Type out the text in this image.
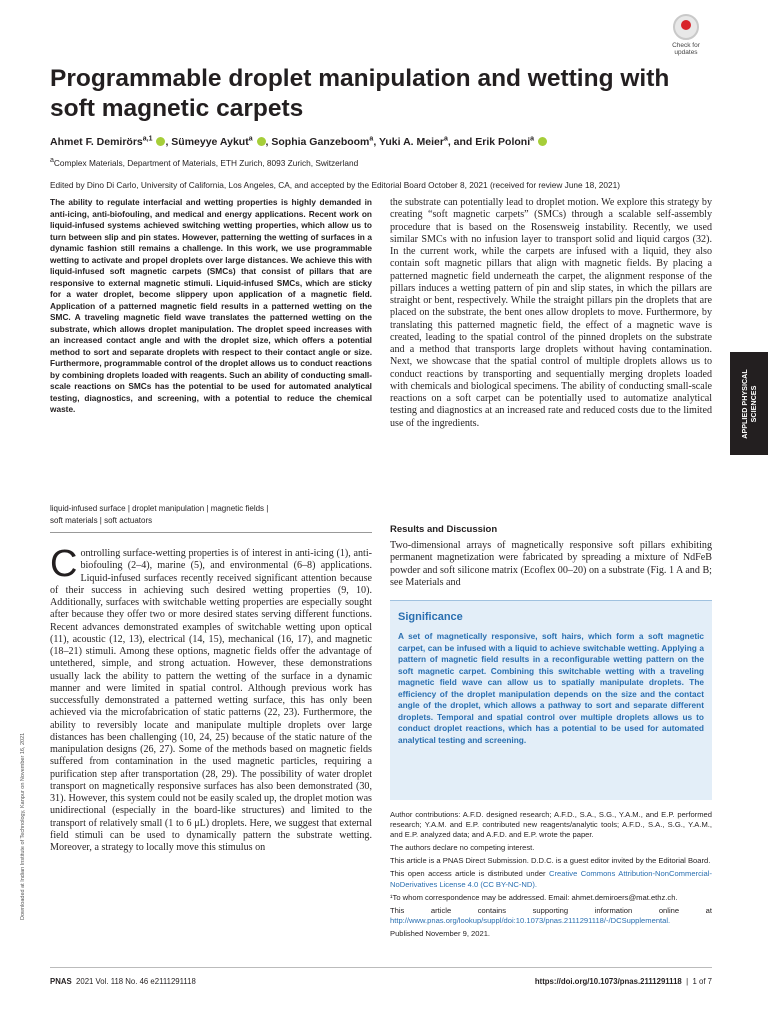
Check for
updates
Programmable droplet manipulation and wetting with soft magnetic carpets
Ahmet F. Demirörs$^{a,1}$ , Sümeyye Aykut$^a$ , Sophia Ganzeboom$^a$, Yuki A. Meier$^a$, and Erik Poloni$^a$
$^a$Complex Materials, Department of Materials, ETH Zurich, 8093 Zurich, Switzerland
Edited by Dino Di Carlo, University of California, Los Angeles, CA, and accepted by the Editorial Board October 8, 2021 (received for review June 18, 2021)
The ability to regulate interfacial and wetting properties is highly demanded in anti-icing, anti-biofouling, and medical and energy applications. Recent work on liquid-infused systems achieved switching wetting properties, which allow us to turn between slip and pin states. However, patterning the wetting of surfaces in a dynamic fashion still remains a challenge. In this work, we use programmable wetting to activate and propel droplets over large distances. We achieve this with liquid-infused soft magnetic carpets (SMCs) that consist of pillars that are responsive to external magnetic stimuli. Liquid-infused SMCs, which are sticky for a water droplet, become slippery upon application of a magnetic field. Application of a patterned magnetic field results in a patterned wetting on the SMC. A traveling magnetic field wave translates the patterned wetting on the substrate, which allows droplet manipulation. The droplet speed increases with an increased contact angle and with the droplet size, which offers a potential method to sort and separate droplets with respect to their contact angle or size. Furthermore, programmable control of the droplet allows us to conduct reactions by combining droplets loaded with reagents. Such an ability of conducting small-scale reactions on SMCs has the potential to be used for automated analytical testing, diagnostics, and screening, with a potential to reduce the chemical waste.
liquid-infused surface | droplet manipulation | magnetic fields |
soft materials | soft actuators
Controlling surface-wetting properties is of interest in anti-icing (1), anti-biofouling (2–4), marine (5), and environmental (6–8) applications. Liquid-infused surfaces recently received significant attention because of their success in achieving such desired wetting properties (9, 10). Additionally, surfaces with switchable wetting properties are especially sought after because they offer two or more desired states serving different functions. Recent advances demonstrated examples of switchable wetting upon optical (11), acoustic (12, 13), electrical (14, 15), mechanical (16, 17), and magnetic (18–21) stimuli. Among these options, magnetic fields offer the advantage of untethered, simple, and strong actuation. However, these demonstrations usually lack the ability to pattern the wetting of the surface in a dynamic manner and were limited in spatial control. Although previous work has successfully demonstrated a patterned wetting surface, this has only been achieved via the microfabrication of static patterns (22, 23). Furthermore, the ability to reversibly locate and manipulate multiple droplets over large distances has been challenging (10, 24, 25) because of the static nature of the manipulation designs (26, 27). Some of the methods based on magnetic fields suffered from contamination in the used magnetic particles, requiring a purification step after transportation (28, 29). The possibility of water droplet transport on magnetically responsive surfaces has also been demonstrated (30, 31). However, this system could not be easily scaled up, the droplet motion was unidirectional (especially in the board-like structures) and limited to the transport of relatively small (1 to 6 μL) droplets. Here, we suggest that external field stimuli can be used to dynamically pattern the substrate wetting. Moreover, a strategy to locally move this stimulus on
the substrate can potentially lead to droplet motion. We explore this strategy by creating “soft magnetic carpets” (SMCs) through a scalable self-assembly procedure that is based on the Rosensweig instability. Recently, we used similar SMCs with no infusion layer to transport solid and liquid cargos (32). In the current work, while the carpets are infused with a liquid, they also contain soft magnetic pillars that align with magnetic fields. By placing a patterned magnetic field underneath the carpet, the alignment response of the pillars induces a wetting pattern of pin and slip states, in which the pillars are straight or bent, respectively. While the straight pillars pin the droplets that are placed on the substrate, the bent ones allow droplets to move. Furthermore, by translating this patterned magnetic field, the effect of a magnetic wave is created, leading to the spatial control of the pinned droplets on the substrate and a method that transports large droplets without having contamination. Next, we showcase that the spatial control of multiple droplets allows us to conduct reactions by transporting and sequentially merging droplets loaded with chemicals and biological specimens. The ability of conducting small-scale reactions on a soft carpet can be potentially used to automatize analytical testing and diagnostics at an increased rate and reduced costs due to the limited use of the ingredients.
Results and Discussion
Two-dimensional arrays of magnetically responsive soft pillars exhibiting permanent magnetization were fabricated by spreading a mixture of NdFeB powder and soft silicone matrix (Ecoflex 00–20) on a substrate (Fig. 1 A and B; see Materials and
Significance
A set of magnetically responsive, soft hairs, which form a soft magnetic carpet, can be infused with a liquid to achieve switchable wetting. Applying a pattern of magnetic field results in a reconfigurable wetting pattern on the soft magnetic carpet. Combining this switchable wetting with a traveling magnetic field wave can allow us to spatially manipulate droplets. The efficiency of the droplet manipulation depends on the size and the contact angle of the droplet, which allows a pathway to sort and separate different droplets. Temporal and spatial control over multiple droplets allows us to conduct droplet reactions, which has a potential to be used for automated analytical testing and screening.

Author contributions: A.F.D. designed research; A.F.D., S.A., S.G., Y.A.M., and E.P. performed research; Y.A.M. and E.P. contributed new reagents/analytic tools; A.F.D., S.A., S.G., Y.A.M., and E.P. analyzed data; and A.F.D. and E.P. wrote the paper.

The authors declare no competing interest.

This article is a PNAS Direct Submission. D.D.C. is a guest editor invited by the Editorial Board.

This open access article is distributed under Creative Commons Attribution-NonCommercial-NoDerivatives License 4.0 (CC BY-NC-ND).

¹To whom correspondence may be addressed. Email: ahmet.demiroers@mat.ethz.ch.

This article contains supporting information online at http://www.pnas.org/lookup/suppl/doi:10.1073/pnas.2111291118/-/DCSupplemental.

Published November 9, 2021.

APPLIED PHYSICAL
SCIENCES
Downloaded at Indian Institute of Technology, Kanpur on November 16, 2021
PNAS 2021 Vol. 118 No. 46 e2111291118	https://doi.org/10.1073/pnas.2111291118  |  1 of 7
